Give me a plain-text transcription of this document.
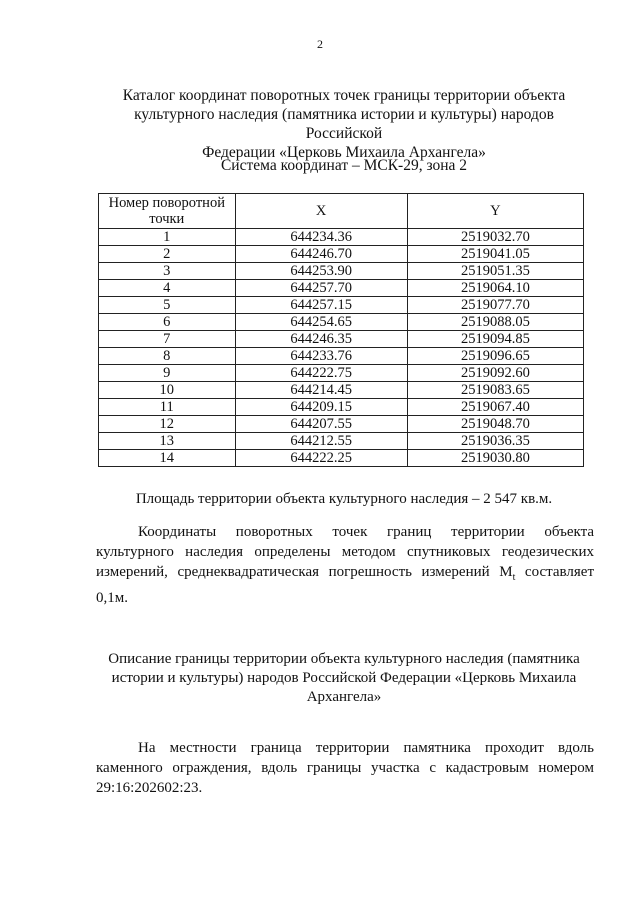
2
Каталог координат поворотных точек границы территории объекта
культурного наследия (памятника истории и культуры) народов Российской
Федерации «Церковь Михаила Архангела»
Система координат – МСК-29, зона 2
Номер поворотной
точки	X	Y
1	644234.36	2519032.70
2	644246.70	2519041.05
3	644253.90	2519051.35
4	644257.70	2519064.10
5	644257.15	2519077.70
6	644254.65	2519088.05
7	644246.35	2519094.85
8	644233.76	2519096.65
9	644222.75	2519092.60
10	644214.45	2519083.65
11	644209.15	2519067.40
12	644207.55	2519048.70
13	644212.55	2519036.35
14	644222.25	2519030.80
Площадь территории объекта культурного наследия – 2 547 кв.м.
Координаты поворотных точек границ территории объекта культурного наследия определены методом спутниковых геодезических измерений, среднеквадратическая погрешность измерений $M_t$ составляет 0,1м.
Описание границы территории объекта культурного наследия (памятника
истории и культуры) народов Российской Федерации «Церковь Михаила
Архангела»
На местности граница территории памятника проходит вдоль каменного ограждения, вдоль границы участка с кадастровым номером 29:16:202602:23.
